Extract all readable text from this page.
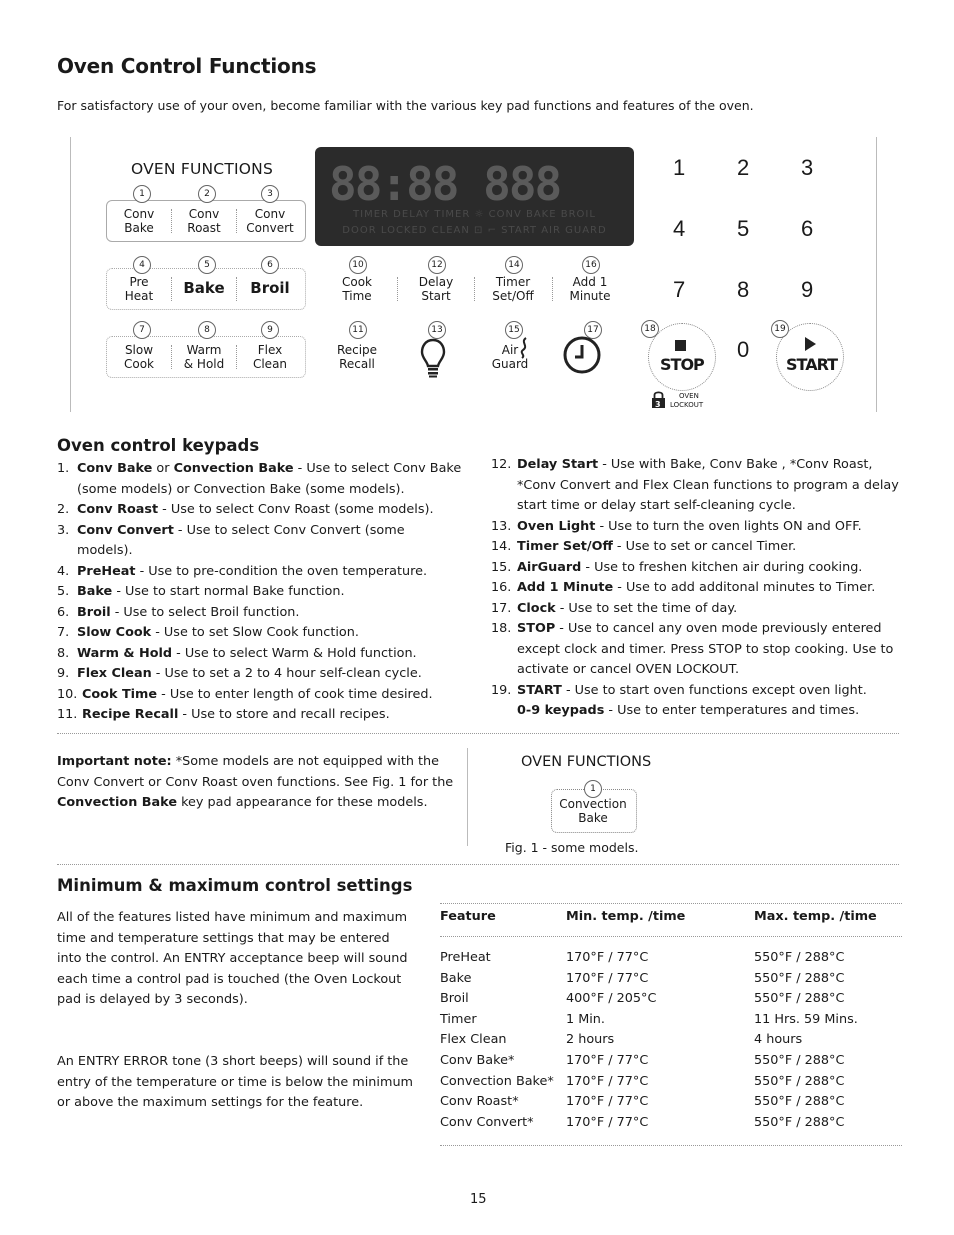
Oven Control Functions
For satisfactory use of your oven, become familiar with the various key pad functions and features of the oven.
OVEN FUNCTIONS
1
Conv
Bake
2
Conv
Roast
3
Conv
Convert
4
Pre
Heat
5
Bake
6
Broil
7
Slow
Cook
8
Warm
& Hold
9
Flex
Clean
10
Cook
Time
12
Delay
Start
14
Timer
Set/Off
16
Add 1
Minute
11
Recipe
Recall
13	15
Air
Guard
17
88:88 888
TIMER DELAY TIMER ☼ CONV BAKE BROIL
DOOR LOCKED CLEAN ⊡ ⌐ START AIR GUARD
1 2 3
4 5 6
7 8 9
0
18
STOP
19
START
3
OVEN
LOCKOUT
Oven control keypads
1. Conv Bake or Convection Bake - Use to select Conv Bake (some models) or Convection Bake (some models).
2. Conv Roast - Use to select Conv Roast (some models).
3. Conv Convert - Use to select Conv Convert (some models).
4. PreHeat - Use to pre-condition the oven temperature.
5. Bake - Use to start normal Bake function.
6. Broil - Use to select Broil function.
7. Slow Cook - Use to set Slow Cook function.
8. Warm & Hold - Use to select Warm & Hold function.
9. Flex Clean - Use to set a 2 to 4 hour self-clean cycle.
10. Cook Time - Use to enter length of cook time desired.
11. Recipe Recall - Use to store and recall recipes.
12. Delay Start - Use with Bake, Conv Bake , *Conv Roast, *Conv Convert and Flex Clean functions to program a delay start time or delay start self-cleaning cycle.
13. Oven Light - Use to turn the oven lights ON and OFF.
14. Timer Set/Off - Use to set or cancel Timer.
15. AirGuard - Use to freshen kitchen air during cooking.
16. Add 1 Minute - Use to add additonal minutes to Timer.
17. Clock - Use to set the time of day.
18. STOP - Use to cancel any oven mode previously entered except clock and timer. Press STOP to stop cooking. Use to activate or cancel OVEN LOCKOUT.
19. START - Use to start oven functions except oven light.
0-9 keypads - Use to enter temperatures and times.
Important note: *Some models are not equipped with the Conv Convert or Conv Roast oven functions. See Fig. 1 for the Convection Bake key pad appearance for these models.
OVEN FUNCTIONS
1
Convection
Bake
Fig. 1 - some models.
Minimum & maximum control settings
All of the features listed have minimum and maximum time and temperature settings that may be entered into the control. An ENTRY acceptance beep will sound each time a control pad is touched (the Oven Lockout pad is delayed by 3 seconds).
An ENTRY ERROR tone (3 short beeps) will sound if the entry of the temperature or time is below the minimum or above the maximum settings for the feature.
Feature	Min. temp. /time	Max. temp. /time
PreHeat	170°F / 77°C	550°F / 288°C
Bake	170°F / 77°C	550°F / 288°C
Broil	400°F / 205°C	550°F / 288°C
Timer	1 Min.	11 Hrs. 59 Mins.
Flex Clean	2 hours	4 hours
Conv Bake*	170°F / 77°C	550°F / 288°C
Convection Bake* 170°F / 77°C	550°F / 288°C
Conv Roast*	170°F / 77°C	550°F / 288°C
Conv Convert*	170°F / 77°C	550°F / 288°C
15
